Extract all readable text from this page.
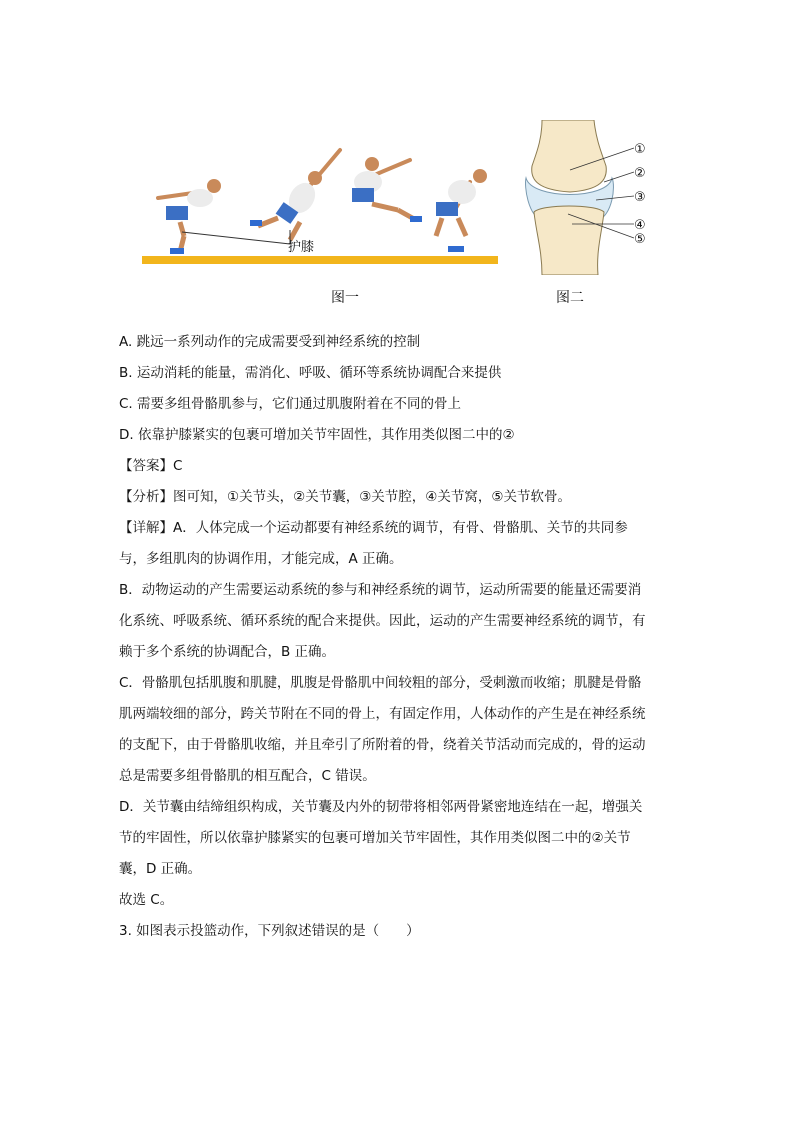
护膝
①
②
③
④
⑤
图一	图二
A. 跳远一系列动作的完成需要受到神经系统的控制
B. 运动消耗的能量，需消化、呼吸、循环等系统协调配合来提供
C. 需要多组骨骼肌参与，它们通过肌腹附着在不同的骨上
D. 依靠护膝紧实的包裹可增加关节牢固性，其作用类似图二中的②
【答案】C
【分析】图可知，①关节头，②关节囊，③关节腔，④关节窝，⑤关节软骨。
【详解】A．人体完成一个运动都要有神经系统的调节，有骨、骨骼肌、关节的共同参
与，多组肌肉的协调作用，才能完成，A 正确。
B．动物运动的产生需要运动系统的参与和神经系统的调节，运动所需要的能量还需要消
化系统、呼吸系统、循环系统的配合来提供。因此，运动的产生需要神经系统的调节，有
赖于多个系统的协调配合，B 正确。
C．骨骼肌包括肌腹和肌腱，肌腹是骨骼肌中间较粗的部分，受刺激而收缩；肌腱是骨骼
肌两端较细的部分，跨关节附在不同的骨上，有固定作用，人体动作的产生是在神经系统
的支配下，由于骨骼肌收缩，并且牵引了所附着的骨，绕着关节活动而完成的，骨的运动
总是需要多组骨骼肌的相互配合，C 错误。
D．关节囊由结缔组织构成，关节囊及内外的韧带将相邻两骨紧密地连结在一起，增强关
节的牢固性，所以依靠护膝紧实的包裹可增加关节牢固性，其作用类似图二中的②关节
囊，D 正确。
故选 C。
3. 如图表示投篮动作，下列叙述错误的是（　　）
